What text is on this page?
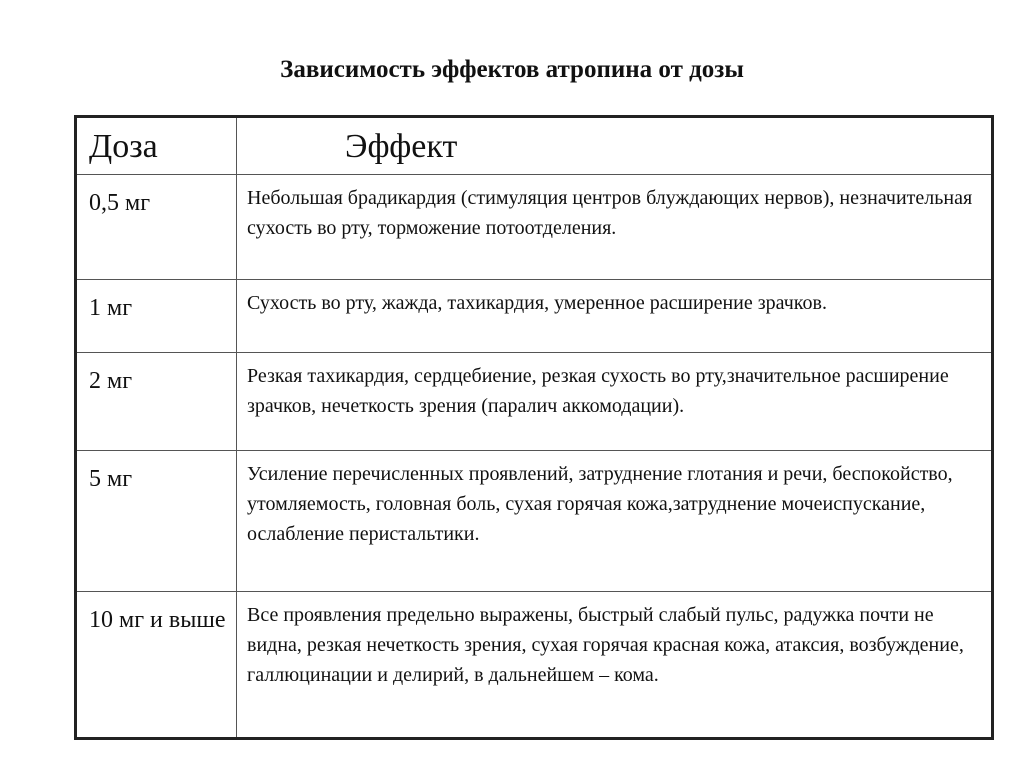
Зависимость эффектов атропина от дозы
Доза	Эффект
0,5 мг	Небольшая брадикардия (стимуляция центров блуждающих нервов), незначительная сухость во рту, торможение потоотделения.
1 мг	Сухость во рту, жажда, тахикардия, умеренное расширение зрачков.
2 мг	Резкая тахикардия, сердцебиение, резкая сухость во рту,значительное расширение зрачков, нечеткость зрения (паралич аккомодации).
5 мг	Усиление перечисленных проявлений, затруднение глотания и речи, беспокойство, утомляемость, головная боль, сухая горячая кожа,затруднение мочеиспускание, ослабление перистальтики.
10 мг и выше	Все проявления предельно выражены, быстрый слабый пульс, радужка почти не видна, резкая нечеткость зрения, сухая горячая красная кожа, атаксия, возбуждение, галлюцинации и делирий, в дальнейшем – кома.
